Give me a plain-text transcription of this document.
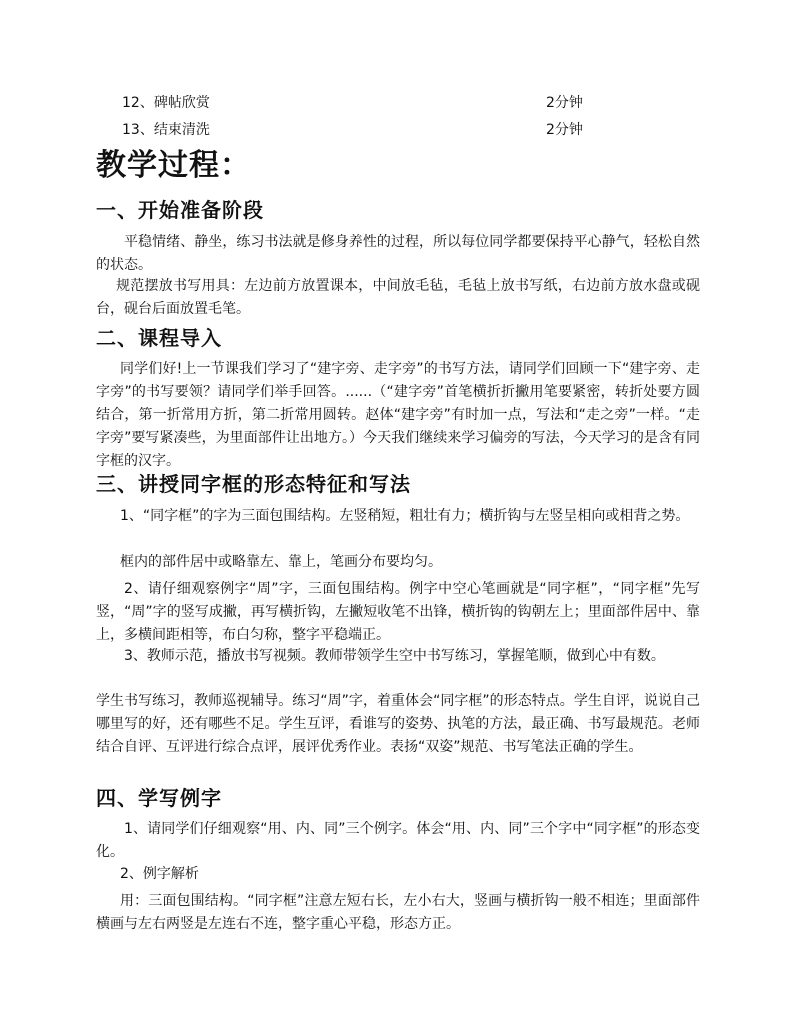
12、碑帖欣赏	2分钟
13、结束清洗	2分钟
教学过程：
一、开始准备阶段
平稳情绪、静坐，练习书法就是修身养性的过程，所以每位同学都要保持平心静气，轻松自然的状态。
规范摆放书写用具：左边前方放置课本，中间放毛毡，毛毡上放书写纸，右边前方放水盘或砚台，砚台后面放置毛笔。
二、课程导入
同学们好!上一节课我们学习了“建字旁、走字旁”的书写方法，请同学们回顾一下“建字旁、走字旁”的书写要领？请同学们举手回答。......（“建字旁”首笔横折折撇用笔要紧密，转折处要方圆结合，第一折常用方折，第二折常用圆转。赵体“建字旁”有时加一点，写法和“走之旁”一样。“走字旁”要写紧凑些，为里面部件让出地方。）今天我们继续来学习偏旁的写法，今天学习的是含有同字框的汉字。
三、讲授同字框的形态特征和写法
1、“同字框”的字为三面包围结构。左竖稍短，粗壮有力；横折钩与左竖呈相向或相背之势。
框内的部件居中或略靠左、靠上，笔画分布要均匀。
2、请仔细观察例字“周”字，三面包围结构。例字中空心笔画就是“同字框”，“同字框”先写竖，“周”字的竖写成撇，再写横折钩，左撇短收笔不出锋，横折钩的钩朝左上；里面部件居中、靠上，多横间距相等，布白匀称，整字平稳端正。
3、教师示范，播放书写视频。教师带领学生空中书写练习，掌握笔顺，做到心中有数。
学生书写练习，教师巡视辅导。练习“周”字，着重体会“同字框”的形态特点。学生自评，说说自己哪里写的好，还有哪些不足。学生互评，看谁写的姿势、执笔的方法，最正确、书写最规范。老师结合自评、互评进行综合点评，展评优秀作业。表扬“双姿”规范、书写笔法正确的学生。
四、学写例字
1、请同学们仔细观察“用、内、同”三个例字。体会“用、内、同”三个字中“同字框”的形态变化。
2、例字解析
用：三面包围结构。“同字框”注意左短右长，左小右大，竖画与横折钩一般不相连；里面部件横画与左右两竖是左连右不连，整字重心平稳，形态方正。
